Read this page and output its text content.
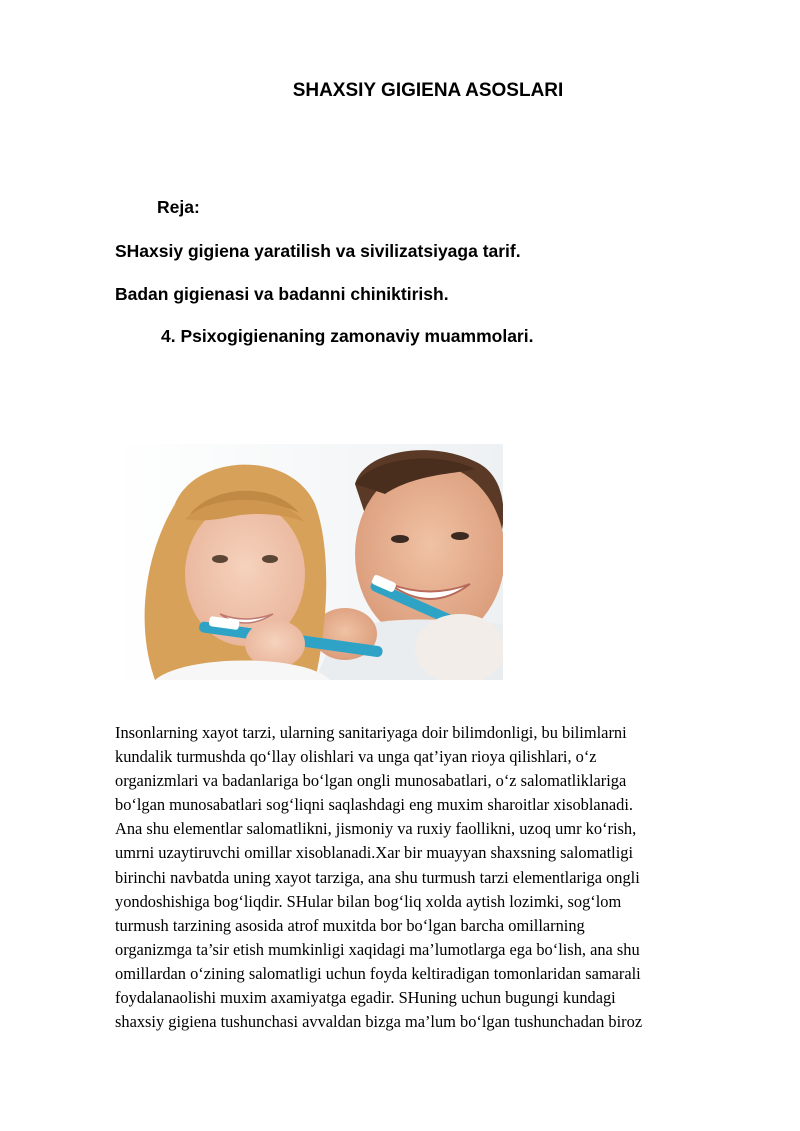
SHAXSIY GIGIENA ASOSLARI
Reja:
SHaxsiy gigiena yaratilish va sivilizatsiyaga tarif.
Badan gigienasi va badanni chiniktirish.
4. Psixogigienaning zamonaviy muammolari.
Insonlarning xayot tarzi, ularning sanitariyaga doir bilimdonligi, bu bilimlarni
kundalik turmushda qo‘llay olishlari va unga qat’iyan rioya qilishlari, o‘z
organizmlari va badanlariga bo‘lgan ongli munosabatlari, o‘z salomatliklariga
bo‘lgan munosabatlari sog‘liqni saqlashdagi eng muxim sharoitlar xisoblanadi.
Ana shu elementlar salomatlikni, jismoniy va ruxiy faollikni, uzoq umr ko‘rish,
umrni uzaytiruvchi omillar xisoblanadi.Xar bir muayyan shaxsning salomatligi
birinchi navbatda uning xayot tarziga, ana shu turmush tarzi elementlariga ongli
yondoshishiga bog‘liqdir. SHular bilan bog‘liq xolda aytish lozimki, sog‘lom
turmush tarzining asosida atrof muxitda bor bo‘lgan barcha omillarning
organizmga ta’sir etish mumkinligi xaqidagi ma’lumotlarga ega bo‘lish, ana shu
omillardan o‘zining salomatligi uchun foyda keltiradigan tomonlaridan samarali
foydalanaolishi muxim axamiyatga egadir. SHuning uchun bugungi kundagi
shaxsiy gigiena tushunchasi avvaldan bizga ma’lum bo‘lgan tushunchadan biroz
